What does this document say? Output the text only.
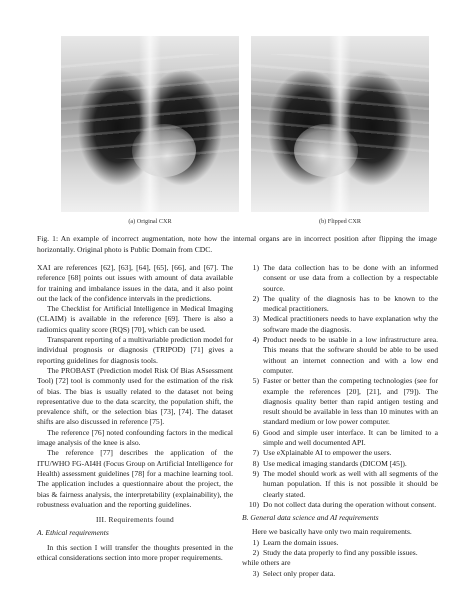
(a) Original CXR	(b) Flipped CXR
Fig. 1: An example of incorrect augmentation, note how the internal organs are in incorrect position after flipping the image horizontally. Original photo is Public Domain from CDC.

XAI are references [62], [63], [64], [65], [66], and [67]. The reference [68] points out issues with amount of data available for training and imbalance issues in the data, and it also point out the lack of the confidence intervals in the predictions.

The Checklist for Artificial Intelligence in Medical Imaging (CLAIM) is available in the reference [69]. There is also a radiomics quality score (RQS) [70], which can be used.

Transparent reporting of a multivariable prediction model for individual prognosis or diagnosis (TRIPOD) [71] gives a reporting guidelines for diagnosis tools.

The PROBAST (Prediction model Risk Of Bias ASsessment Tool) [72] tool is commonly used for the estimation of the risk of bias. The bias is usually related to the dataset not being representative due to the data scarcity, the population shift, the prevalence shift, or the selection bias [73], [74]. The dataset shifts are also discussed in reference [75].

The reference [76] noted confounding factors in the medical image analysis of the knee is also.

The reference [77] describes the application of the ITU/WHO FG-AI4H (Focus Group on Artificial Intelligence for Health) assessment guidelines [78] for a machine learning tool. The application includes a questionnaire about the project, the bias & fairness analysis, the interpretability (explainability), the robustness evaluation and the reporting guidelines.

III. Requirements found
A. Ethical requirements

In this section I will transfer the thoughts presented in the ethical considerations section into more proper requirements.

1) The data collection has to be done with an informed consent or use data from a collection by a respectable source.
2) The quality of the diagnosis has to be known to the medical practitioners.
3) Medical practitioners needs to have explanation why the software made the diagnosis.
4) Product needs to be usable in a low infrastructure area. This means that the software should be able to be used without an internet connection and with a low end computer.
5) Faster or better than the competing technologies (see for example the references [20], [21], and [79]). The diagnosis quality better than rapid antigen testing and result should be available in less than 10 minutes with an standard medium or low power computer.
6) Good and simple user interface. It can be limited to a simple and well documented API.
7) Use eXplainable AI to empower the users.
8) Use medical imaging standards (DICOM [45]).
9) The model should work as well with all segments of the human population. If this is not possible it should be clearly stated.
10) Do not collect data during the operation without consent.
B. General data science and AI requirements

Here we basically have only two main requirements.

1) Learn the domain issues.
2) Study the data properly to find any possible issues.

while others are

3) Select only proper data.
